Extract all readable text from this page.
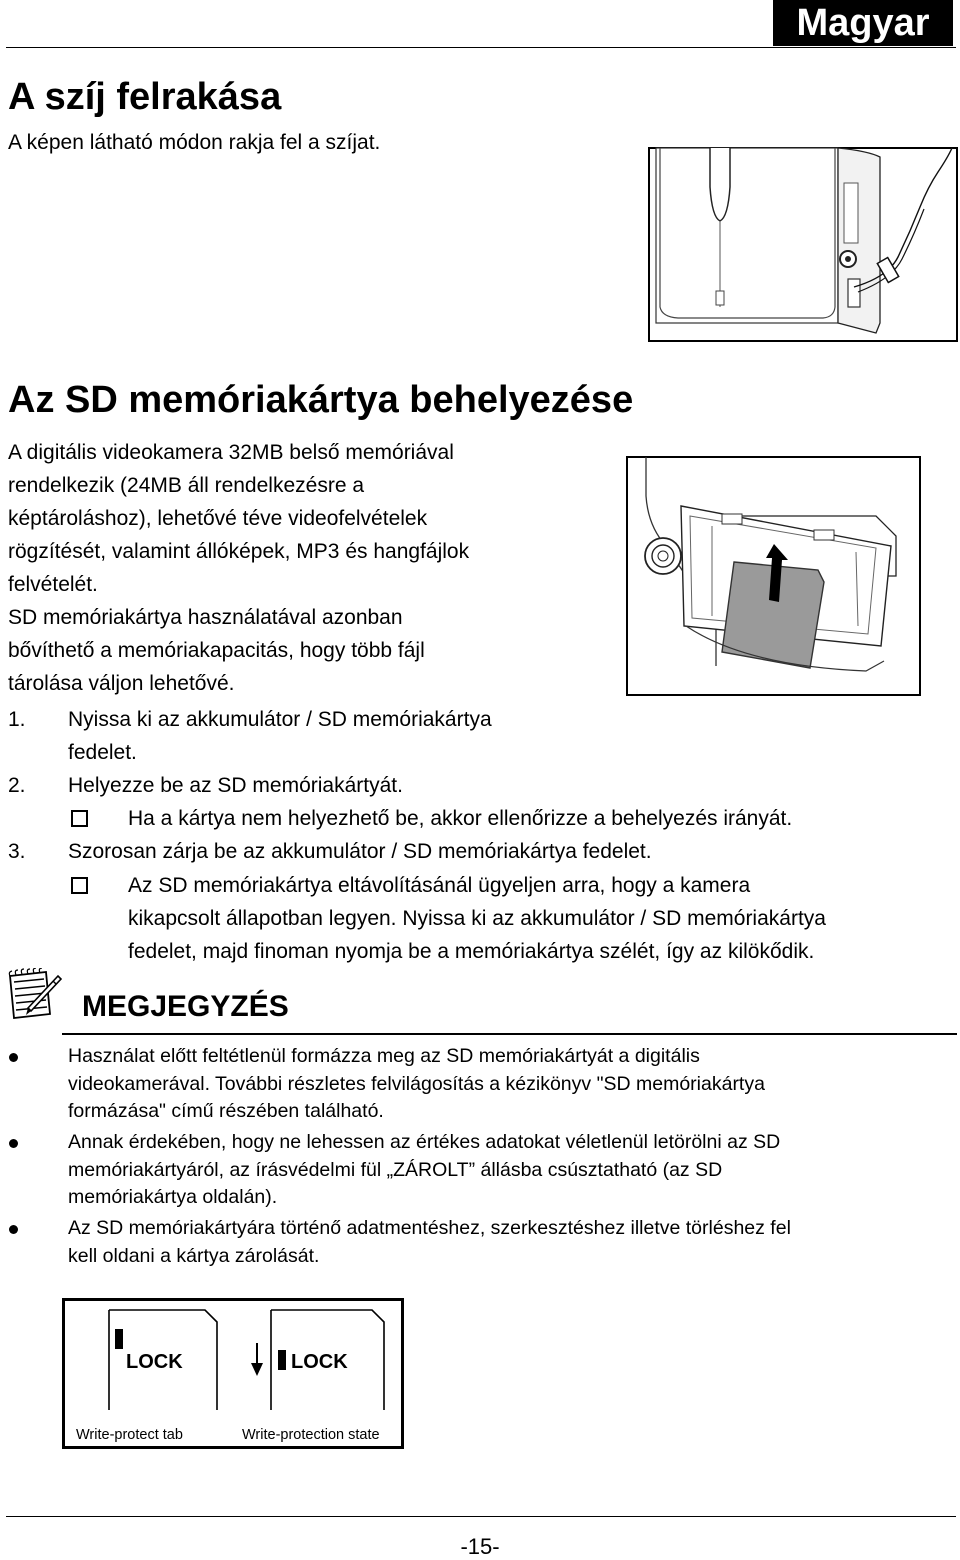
Magyar
A szíj felrakása
A képen látható módon rakja fel a szíjat.
Az SD memóriakártya behelyezése
A digitális videokamera 32MB belső memóriával
rendelkezik (24MB áll rendelkezésre a
képtároláshoz), lehetővé téve videofelvételek
rögzítését, valamint állóképek, MP3 és hangfájlok
felvételét.
SD memóriakártya használatával azonban
bővíthető a memóriakapacitás, hogy több fájl
tárolása váljon lehetővé.
1. Nyissa ki az akkumulátor / SD memóriakártya
fedelet.
2. Helyezze be az SD memóriakártyát.
Ha a kártya nem helyezhető be, akkor ellenőrizze a behelyezés irányát.
3. Szorosan zárja be az akkumulátor / SD memóriakártya fedelet.
Az SD memóriakártya eltávolításánál ügyeljen arra, hogy a kamera
kikapcsolt állapotban legyen. Nyissa ki az akkumulátor / SD memóriakártya
fedelet, majd finoman nyomja be a memóriakártya szélét, így az kilökődik.
MEGJEGYZÉS
Használat előtt feltétlenül formázza meg az SD memóriakártyát a digitális
videokamerával. További részletes felvilágosítás a kézikönyv "SD memóriakártya
formázása" című részében található.
Annak érdekében, hogy ne lehessen az értékes adatokat véletlenül letörölni az SD
memóriakártyáról, az írásvédelmi fül „ZÁROLT” állásba csúsztatható (az SD
memóriakártya oldalán).
Az SD memóriakártyára történő adatmentéshez, szerkesztéshez illetve törléshez fel
kell oldani a kártya zárolását.
LOCK
Write-protect tab
LOCK
Write-protection state
-15-
